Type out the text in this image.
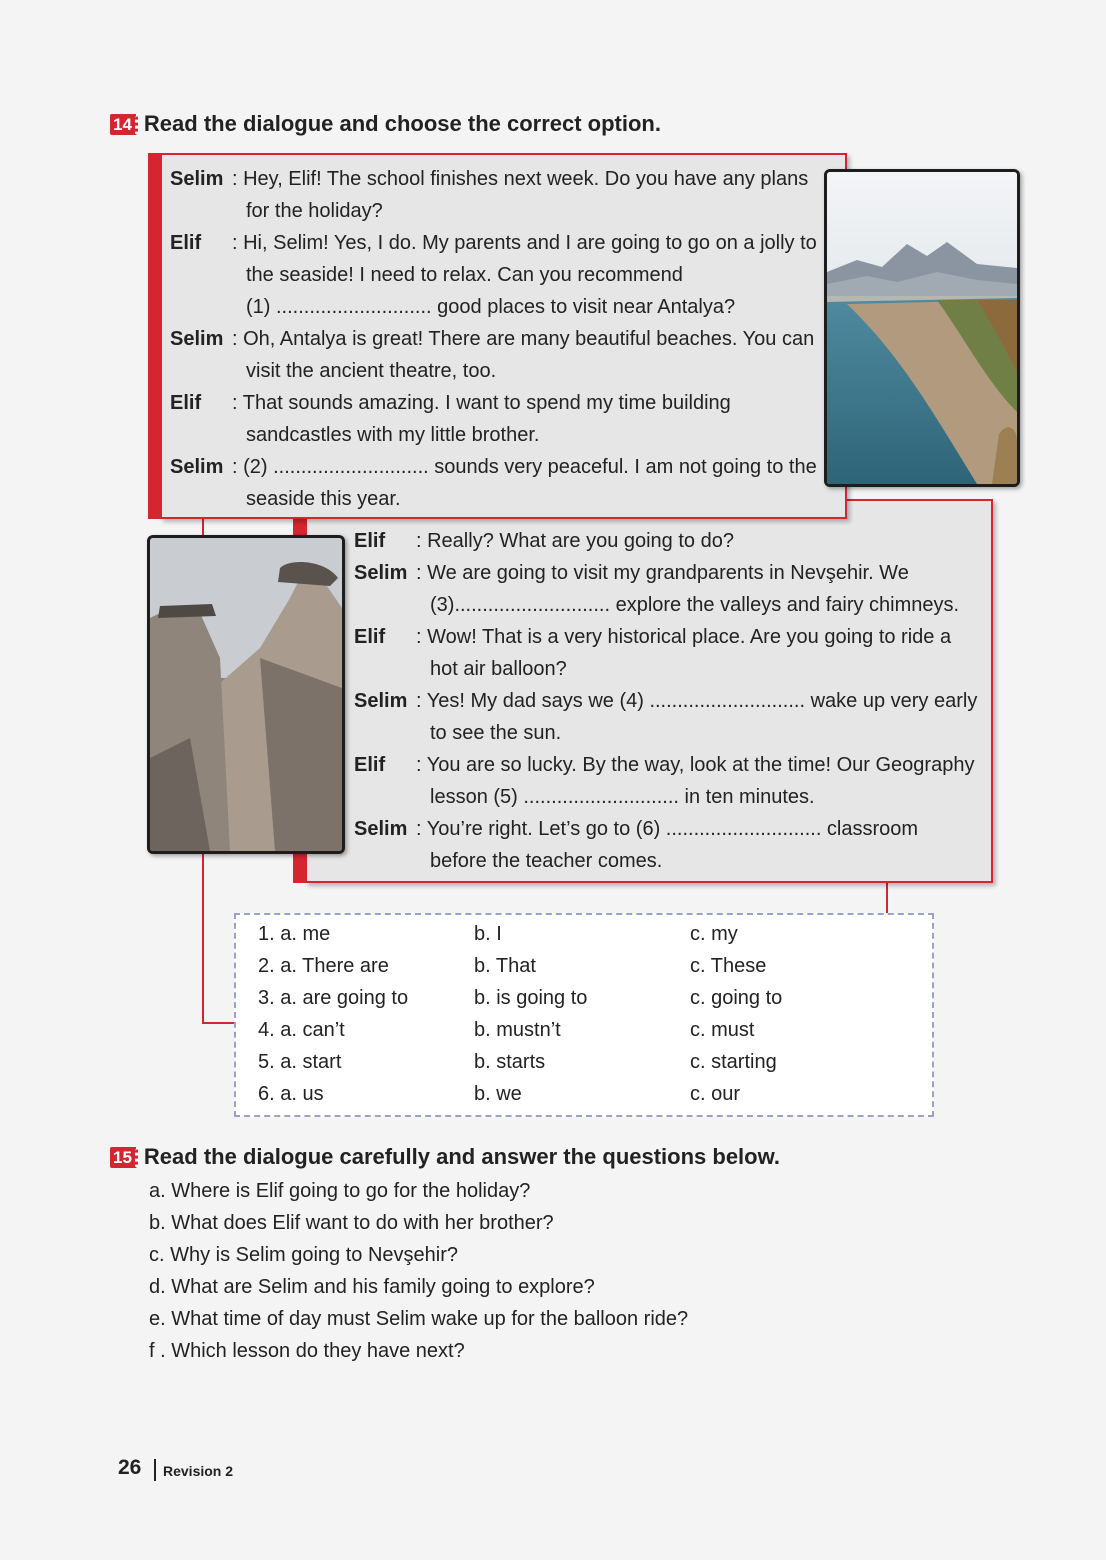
14 Read the dialogue and choose the correct option.
Selim : Hey, Elif! The school finishes next week. Do you have any plans
for the holiday?
Elif : Hi, Selim! Yes, I do. My parents and I are going to go on a jolly to
the seaside! I need to relax. Can you recommend
(1) ............................ good places to visit near Antalya?
Selim : Oh, Antalya is great! There are many beautiful beaches. You can
visit the ancient theatre, too.
Elif : That sounds amazing. I want to spend my time building
sandcastles with my little brother.
Selim : (2) ............................ sounds very peaceful. I am not going to the
seaside this year.
Elif : Really? What are you going to do?
Selim : We are going to visit my grandparents in Nevşehir. We
(3)............................ explore the valleys and fairy chimneys.
Elif : Wow! That is a very historical place. Are you going to ride a
hot air balloon?
Selim : Yes! My dad says we (4) ............................ wake up very early
to see the sun.
Elif : You are so lucky. By the way, look at the time! Our Geography
lesson (5) ............................ in ten minutes.
Selim : You’re right. Let’s go to (6) ............................ classroom
before the teacher comes.
1. a. me	b. I	c. my
2. a. There are	b. That	c. These
3. a. are going to	b. is going to	c. going to
4. a. can’t	b. mustn’t	c. must
5. a. start	b. starts	c. starting
6. a. us	b. we	c. our
15 Read the dialogue carefully and answer the questions below.
a. Where is Elif going to go for the holiday?
b. What does Elif want to do with her brother?
c. Why is Selim going to Nevşehir?
d. What are Selim and his family going to explore?
e. What time of day must Selim wake up for the balloon ride?
f . Which lesson do they have next?
26 Revision 2
